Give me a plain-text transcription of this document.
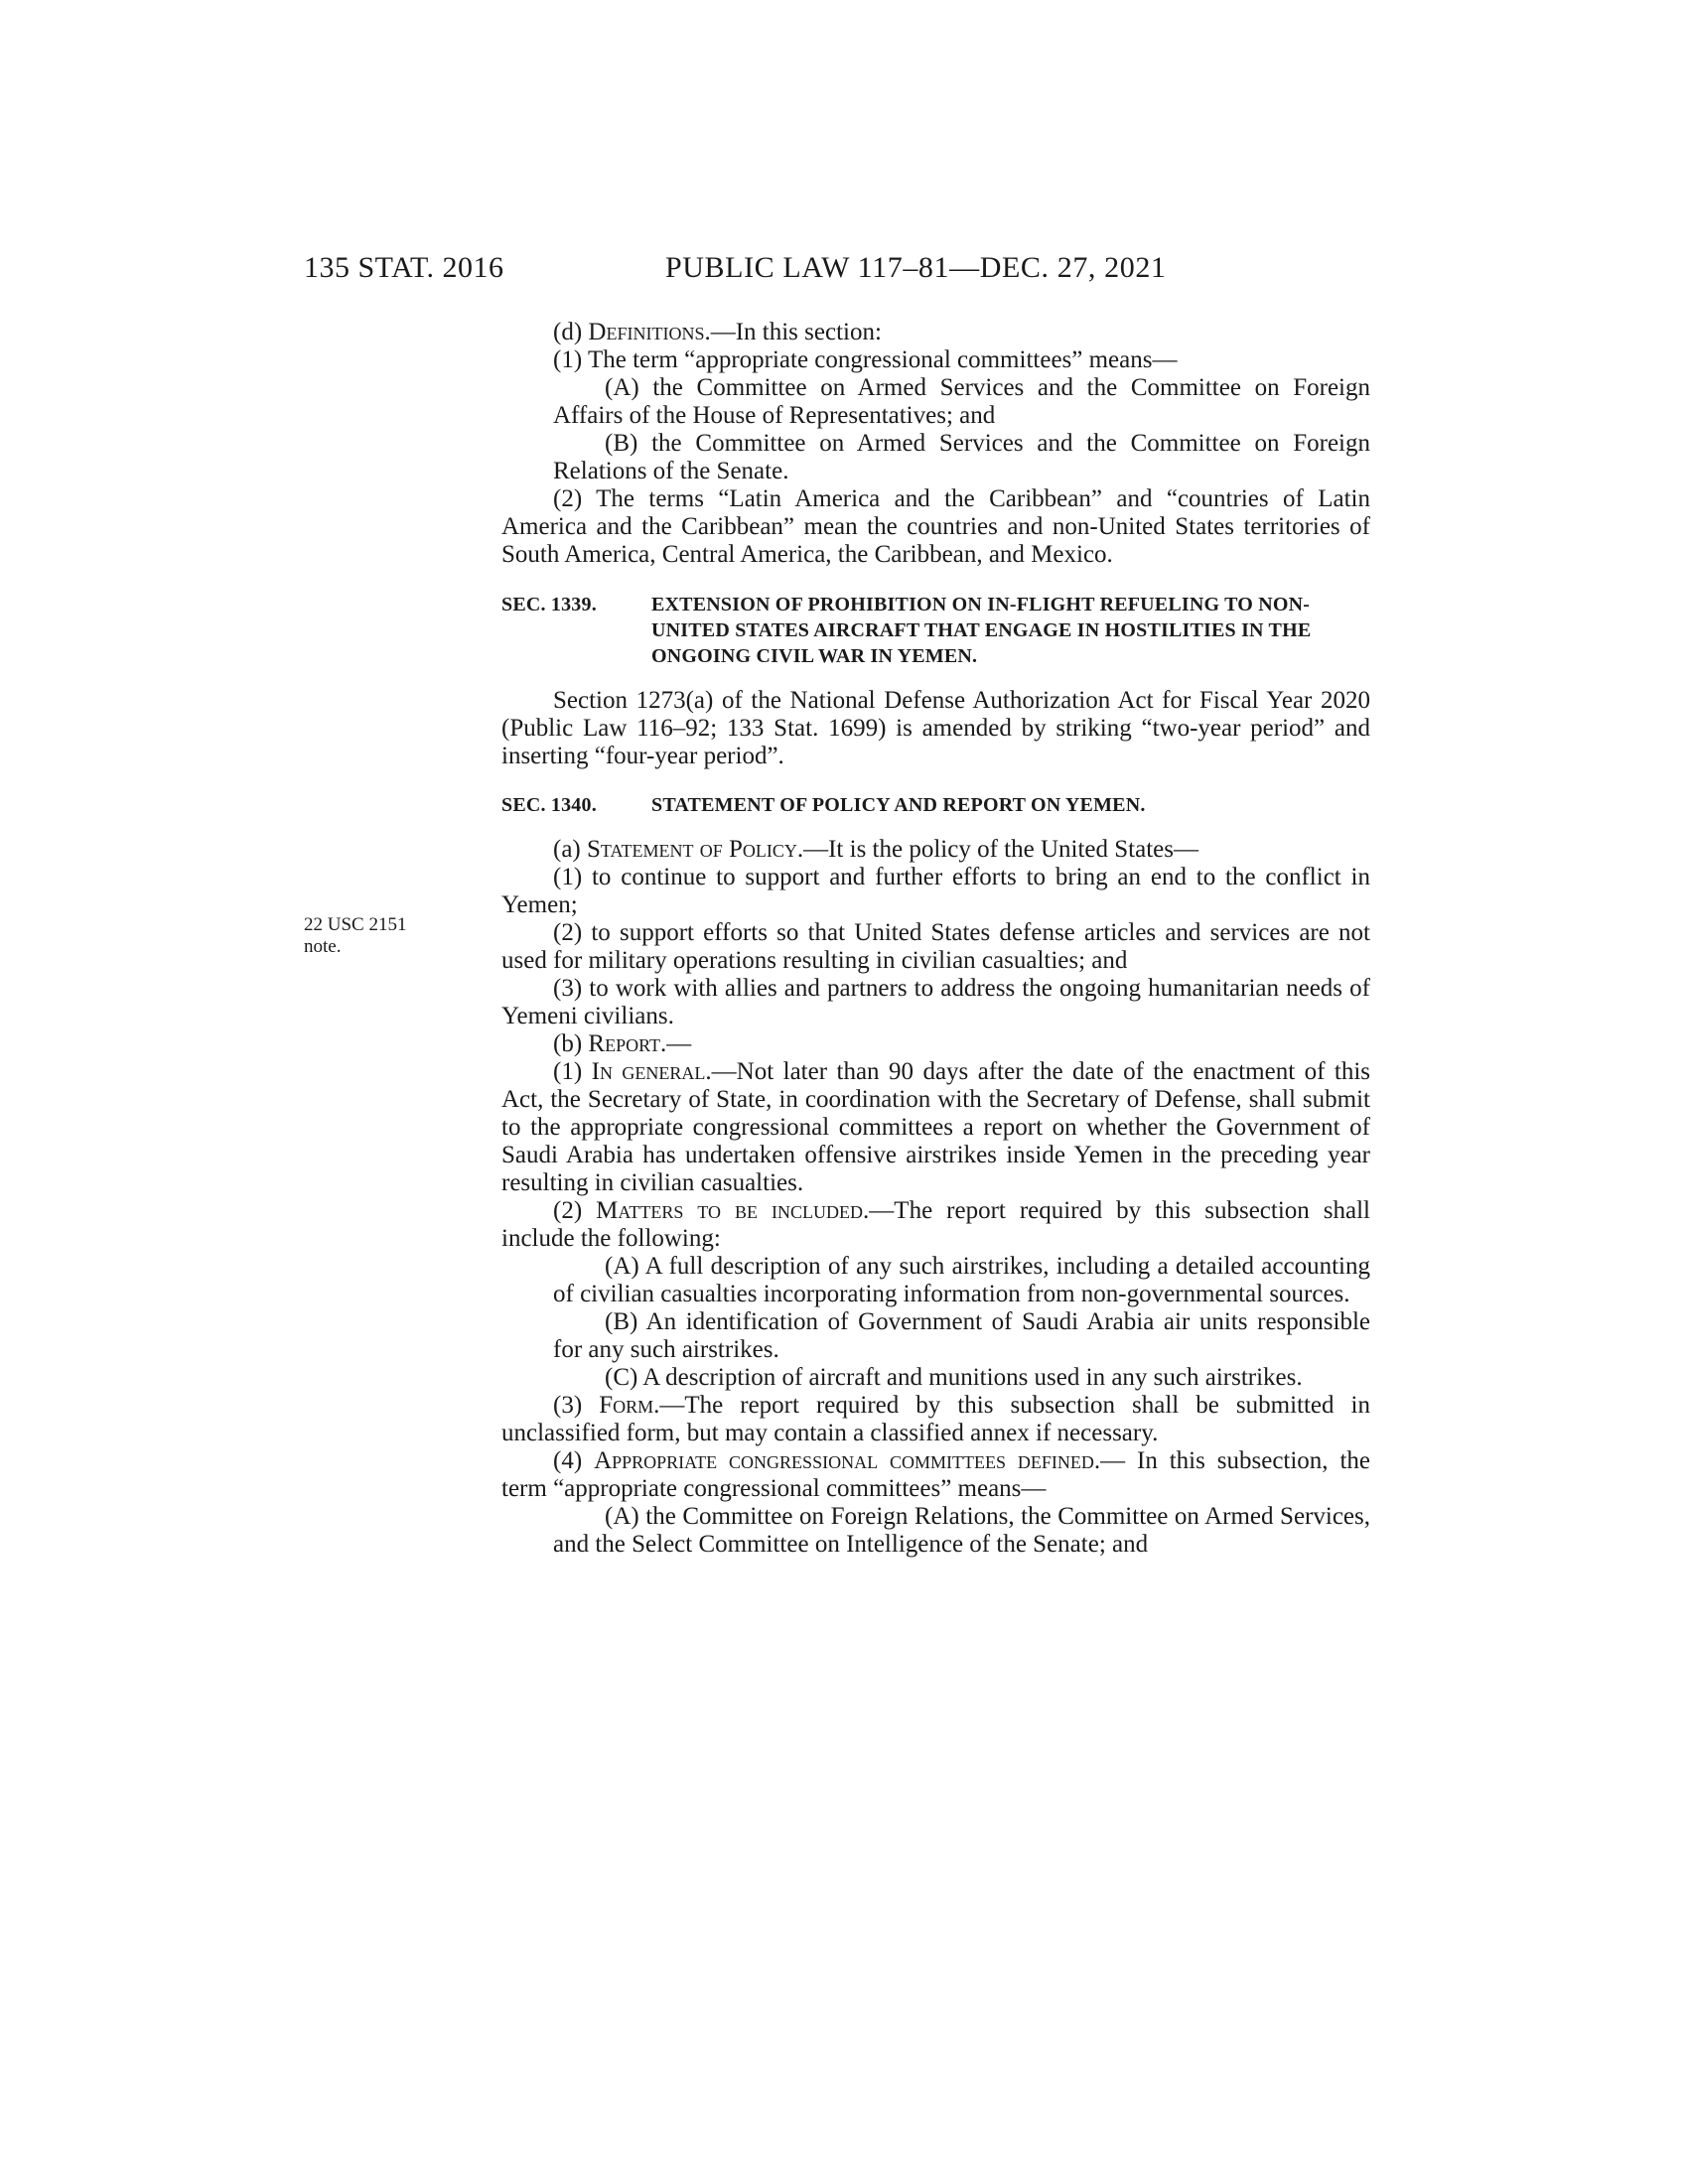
135 STAT. 2016	PUBLIC LAW 117–81—DEC. 27, 2021
22 USC 2151
note.

(d) Definitions.—In this section:

(1) The term “appropriate congressional committees” means—

(A) the Committee on Armed Services and the Committee on Foreign Affairs of the House of Representatives; and

(B) the Committee on Armed Services and the Committee on Foreign Relations of the Senate.

(2) The terms “Latin America and the Caribbean” and “countries of Latin America and the Caribbean” mean the countries and non-United States territories of South America, Central America, the Caribbean, and Mexico.

SEC. 1339.	EXTENSION OF PROHIBITION ON IN-FLIGHT REFUELING TO NON-UNITED STATES AIRCRAFT THAT ENGAGE IN HOSTILITIES IN THE ONGOING CIVIL WAR IN YEMEN.

Section 1273(a) of the National Defense Authorization Act for Fiscal Year 2020 (Public Law 116–92; 133 Stat. 1699) is amended by striking “two-year period” and inserting “four-year period”.

SEC. 1340.	STATEMENT OF POLICY AND REPORT ON YEMEN.

(a) Statement of Policy.—It is the policy of the United States—

(1) to continue to support and further efforts to bring an end to the conflict in Yemen;

(2) to support efforts so that United States defense articles and services are not used for military operations resulting in civilian casualties; and

(3) to work with allies and partners to address the ongoing humanitarian needs of Yemeni civilians.

(b) Report.—

(1) In general.—Not later than 90 days after the date of the enactment of this Act, the Secretary of State, in coordination with the Secretary of Defense, shall submit to the appropriate congressional committees a report on whether the Government of Saudi Arabia has undertaken offensive airstrikes inside Yemen in the preceding year resulting in civilian casualties.

(2) Matters to be included.—The report required by this subsection shall include the following:

(A) A full description of any such airstrikes, including a detailed accounting of civilian casualties incorporating information from non-governmental sources.

(B) An identification of Government of Saudi Arabia air units responsible for any such airstrikes.

(C) A description of aircraft and munitions used in any such airstrikes.

(3) Form.—The report required by this subsection shall be submitted in unclassified form, but may contain a classified annex if necessary.

(4) Appropriate congressional committees defined.— In this subsection, the term “appropriate congressional committees” means—

(A) the Committee on Foreign Relations, the Committee on Armed Services, and the Select Committee on Intelligence of the Senate; and
